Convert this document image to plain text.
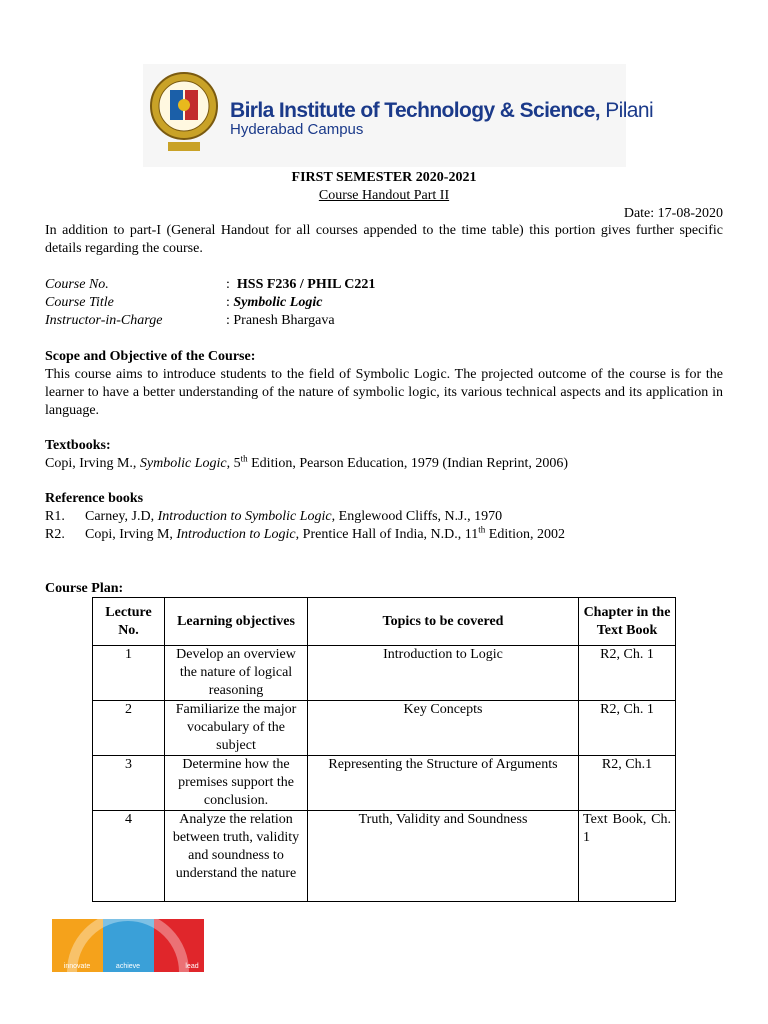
Birla Institute of Technology & Science, Pilani
Hyderabad Campus
FIRST SEMESTER 2020-2021
Course Handout Part II
Date: 17-08-2020
In addition to part-I (General Handout for all courses appended to the time table) this portion gives further specific details regarding the course.
Course No.	:  HSS F236 / PHIL C221
Course Title	: Symbolic Logic
Instructor-in-Charge	: Pranesh Bhargava
Scope and Objective of the Course:
This course aims to introduce students to the field of Symbolic Logic. The projected outcome of the course is for the learner to have a better understanding of the nature of symbolic logic, its various technical aspects and its application in language.
Textbooks:
Copi, Irving M., Symbolic Logic, 5th Edition, Pearson Education, 1979 (Indian Reprint, 2006)
Reference books
R1. Carney, J.D, Introduction to Symbolic Logic, Englewood Cliffs, N.J., 1970
R2. Copi, Irving M, Introduction to Logic, Prentice Hall of India, N.D., 11th Edition, 2002
Course Plan:
Lecture No.	Learning objectives	Topics to be covered	Chapter in the Text Book
1	Develop an overview the nature of logical reasoning	Introduction to Logic	R2, Ch. 1
2	Familiarize the major vocabulary of the subject	Key Concepts	R2, Ch. 1
3	Determine how the premises support the conclusion.	Representing the Structure of Arguments	R2, Ch.1
4	Analyze the relation between truth, validity and soundness to understand the nature	Truth, Validity and Soundness	Text Book, Ch. 1
innovate	achieve	lead
